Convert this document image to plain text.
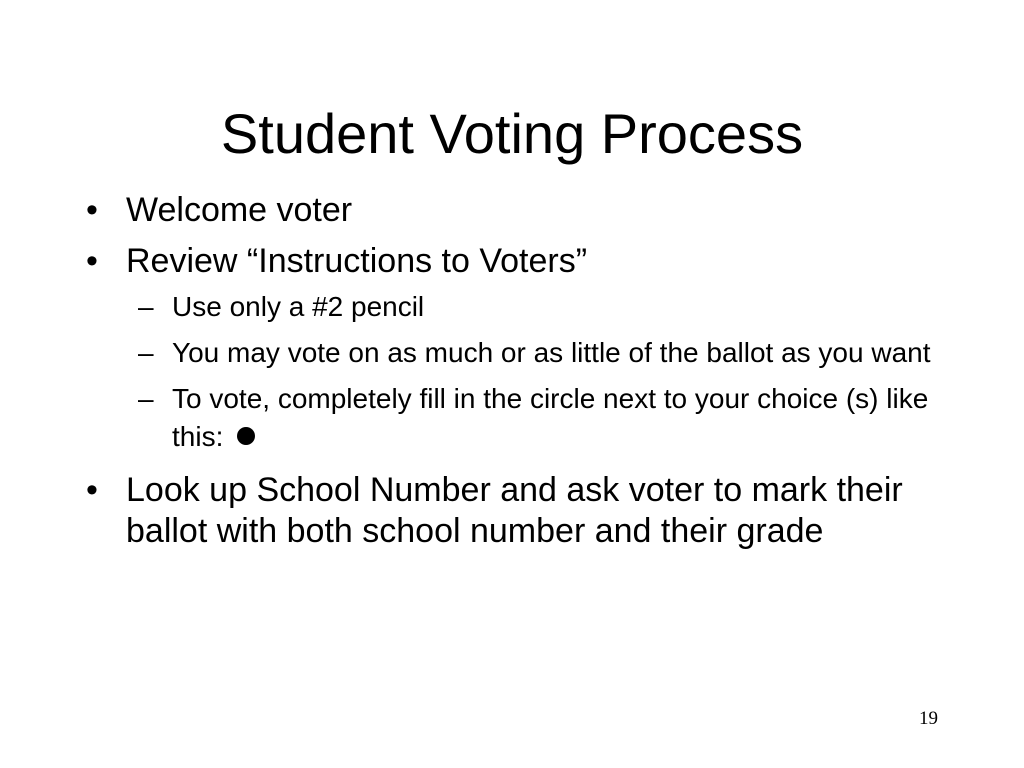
Student Voting Process
• Welcome voter
• Review “Instructions to Voters”
– Use only a #2 pencil
– You may vote on as much or as little of the ballot as you want
– To vote, completely fill in the circle next to your choice (s) like this:
• Look up School Number and ask voter to mark their ballot with both school number and their grade
19
